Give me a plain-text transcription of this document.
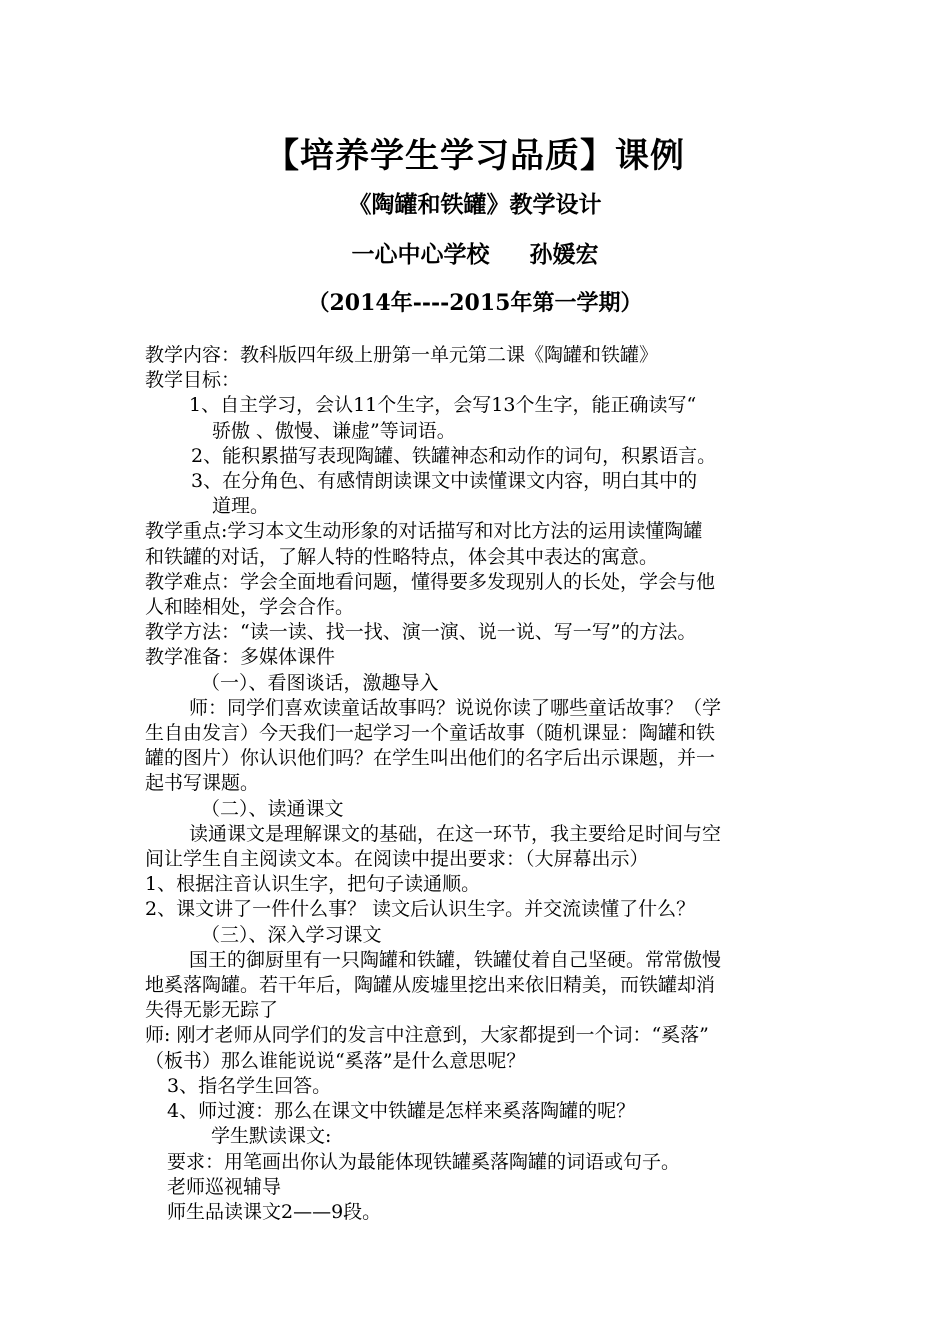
【培养学生学习品质】课例
《陶罐和铁罐》教学设计
一心中心学校 孙媛宏
（2014年----2015年第一学期）

教学内容：教科版四年级上册第一单元第二课《陶罐和铁罐》

教学目标：

1、自主学习，会认11个生字，会写13个生字，能正确读写“

骄傲 、傲慢、谦虚”等词语。

2、能积累描写表现陶罐、铁罐神态和动作的词句，积累语言。

3、在分角色、有感情朗读课文中读懂课文内容，明白其中的

道理。

教学重点:学习本文生动形象的对话描写和对比方法的运用读懂陶罐

和铁罐的对话，了解人特的性略特点，体会其中表达的寓意。

教学难点：学会全面地看问题，懂得要多发现别人的长处，学会与他

人和睦相处，学会合作。

教学方法：“读一读、找一找、演一演、说一说、写一写”的方法。

教学准备：多媒体课件

（一）、看图谈话，激趣导入

师：同学们喜欢读童话故事吗？说说你读了哪些童话故事？（学

生自由发言）今天我们一起学习一个童话故事（随机课显：陶罐和铁

罐的图片）你认识他们吗？在学生叫出他们的名字后出示课题，并一

起书写课题。

（二）、读通课文

读通课文是理解课文的基础，在这一环节，我主要给足时间与空

间让学生自主阅读文本。在阅读中提出要求：（大屏幕出示）

1、根据注音认识生字，把句子读通顺。

2、课文讲了一件什么事？ 读文后认识生字。并交流读懂了什么？

（三）、深入学习课文

国王的御厨里有一只陶罐和铁罐，铁罐仗着自己坚硬。常常傲慢

地奚落陶罐。若干年后，陶罐从废墟里挖出来依旧精美，而铁罐却消

失得无影无踪了

师: 刚才老师从同学们的发言中注意到，大家都提到一个词：“奚落”

（板书）那么谁能说说“奚落”是什么意思呢？

3、指名学生回答。

4、师过渡：那么在课文中铁罐是怎样来奚落陶罐的呢？

学生默读课文:

要求：用笔画出你认为最能体现铁罐奚落陶罐的词语或句子。

老师巡视辅导

师生品读课文2——9段。
